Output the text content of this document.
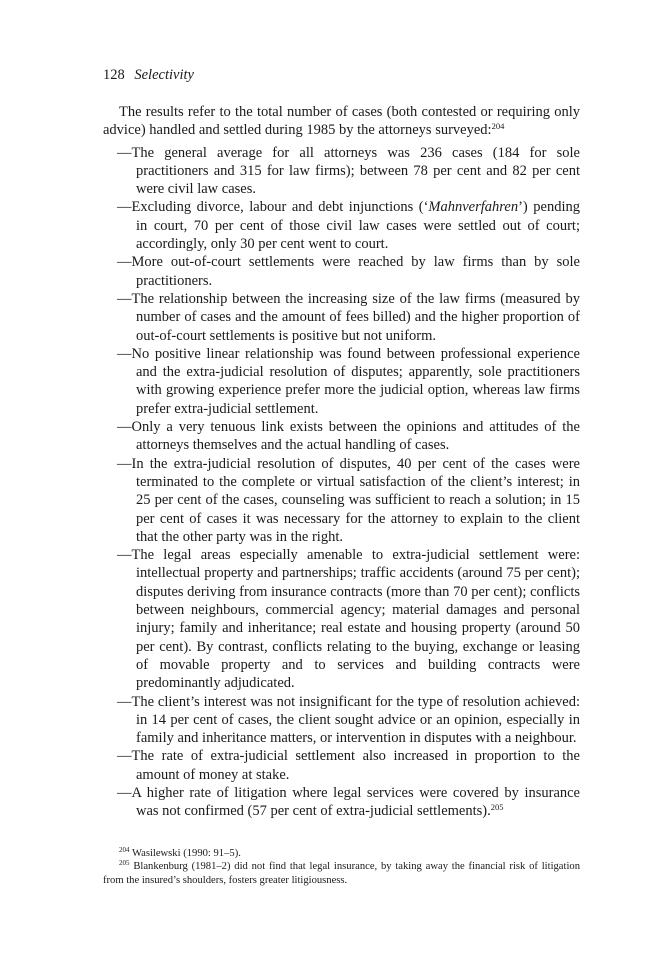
128 Selectivity

The results refer to the total number of cases (both contested or requiring only advice) handled and settled during 1985 by the attorneys surveyed:$^{204}$

—The general average for all attorneys was 236 cases (184 for sole practitioners and 315 for law firms); between 78 per cent and 82 per cent were civil law cases.
—Excluding divorce, labour and debt injunctions (‘Mahnverfahren’) pending in court, 70 per cent of those civil law cases were settled out of court; accordingly, only 30 per cent went to court.
—More out-of-court settlements were reached by law firms than by sole practitioners.
—The relationship between the increasing size of the law firms (measured by number of cases and the amount of fees billed) and the higher proportion of out-of-court settlements is positive but not uniform.
—No positive linear relationship was found between professional experience and the extra-judicial resolution of disputes; apparently, sole practitioners with growing experience prefer more the judicial option, whereas law firms prefer extra-judicial settlement.
—Only a very tenuous link exists between the opinions and attitudes of the attorneys themselves and the actual handling of cases.
—In the extra-judicial resolution of disputes, 40 per cent of the cases were terminated to the complete or virtual satisfaction of the client’s interest; in 25 per cent of the cases, counseling was sufficient to reach a solution; in 15 per cent of cases it was necessary for the attorney to explain to the client that the other party was in the right.
—The legal areas especially amenable to extra-judicial settlement were: intellectual property and partnerships; traffic accidents (around 75 per cent); disputes deriving from insurance contracts (more than 70 per cent); conflicts between neighbours, commercial agency; material damages and personal injury; family and inheritance; real estate and housing property (around 50 per cent). By contrast, conflicts relating to the buying, exchange or leasing of movable property and to services and building contracts were predominantly adjudicated.
—The client’s interest was not insignificant for the type of resolution achieved: in 14 per cent of cases, the client sought advice or an opinion, especially in family and inheritance matters, or intervention in disputes with a neighbour.
—The rate of extra-judicial settlement also increased in proportion to the amount of money at stake.
—A higher rate of litigation where legal services were covered by insurance was not confirmed (57 per cent of extra-judicial settlements).$^{205}$

$^{204}$ Wasilewski (1990: 91–5).

$^{205}$ Blankenburg (1981–2) did not find that legal insurance, by taking away the financial risk of litigation from the insured’s shoulders, fosters greater litigiousness.
